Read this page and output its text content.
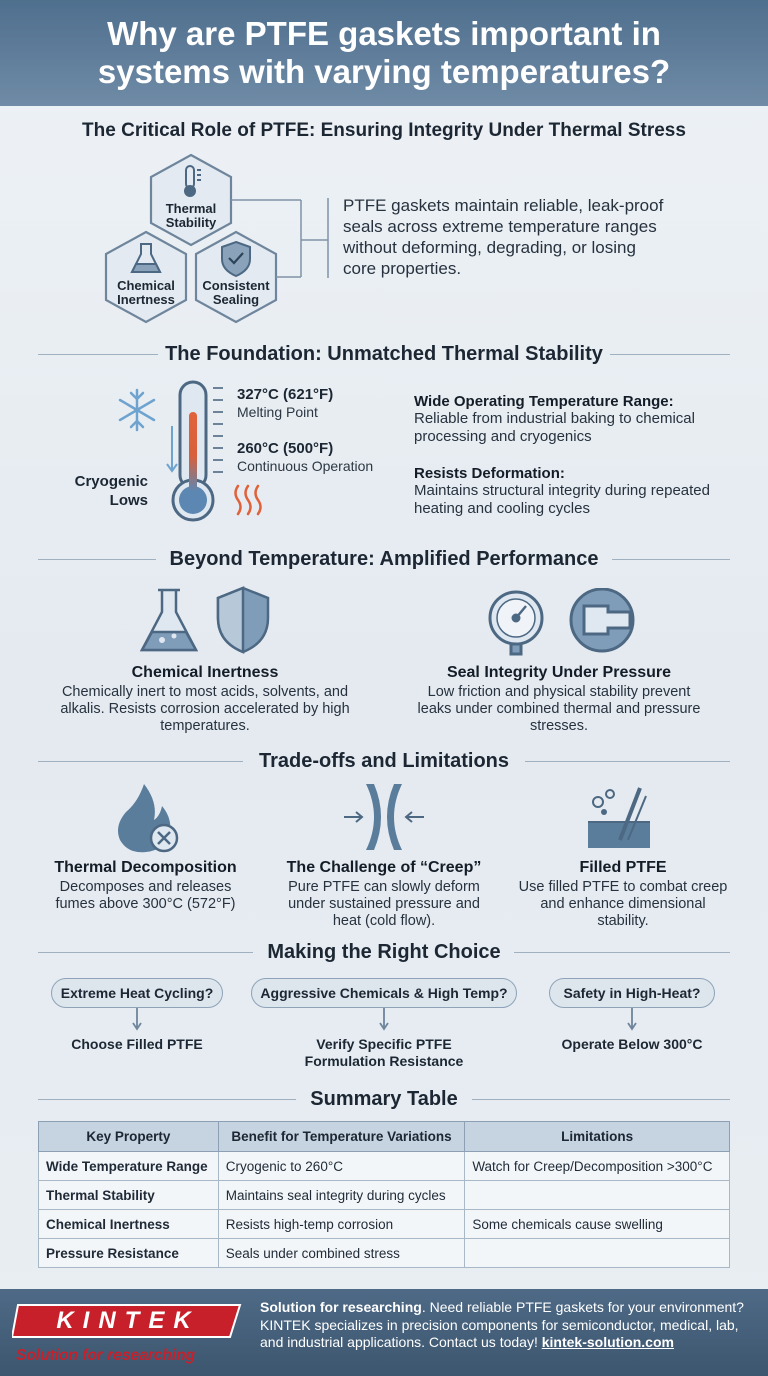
Why are PTFE gaskets important in systems with varying temperatures?
The Critical Role of PTFE: Ensuring Integrity Under Thermal Stress
Thermal Stability
Chemical Inertness
Consistent Sealing
PTFE gaskets maintain reliable, leak-proof seals across extreme temperature ranges without deforming, degrading, or losing core properties.
The Foundation: Unmatched Thermal Stability
327°C (621°F)
Melting Point
260°C (500°F)
Continuous Operation
Cryogenic Lows
Wide Operating Temperature Range:
Reliable from industrial baking to chemical processing and cryogenics
Resists Deformation:
Maintains structural integrity during repeated heating and cooling cycles
Beyond Temperature: Amplified Performance
Chemical Inertness
Chemically inert to most acids, solvents, and alkalis. Resists corrosion accelerated by high temperatures.
Seal Integrity Under Pressure
Low friction and physical stability prevent leaks under combined thermal and pressure stresses.
Trade-offs and Limitations
Thermal Decomposition
Decomposes and releases fumes above 300°C (572°F)
The Challenge of “Creep”
Pure PTFE can slowly deform under sustained pressure and heat (cold flow).
Filled PTFE
Use filled PTFE to combat creep and enhance dimensional stability.
Making the Right Choice
Extreme Heat Cycling?	Aggressive Chemicals & High Temp?	Safety in High-Heat?
Choose Filled PTFE	Verify Specific PTFE Formulation Resistance
Operate Below 300°C
Summary Table
Key Property	Benefit for Temperature Variations	Limitations
Wide Temperature Range	Cryogenic to 260°C	Watch for Creep/Decomposition >300°C
Thermal Stability	Maintains seal integrity during cycles	
Chemical Inertness	Resists high-temp corrosion	Some chemicals cause swelling
Pressure Resistance	Seals under combined stress	
KINTEK
Solution for researching
Solution for researching. Need reliable PTFE gaskets for your environment? KINTEK specializes in precision components for semiconductor, medical, lab, and industrial applications. Contact us today! kintek-solution.com
